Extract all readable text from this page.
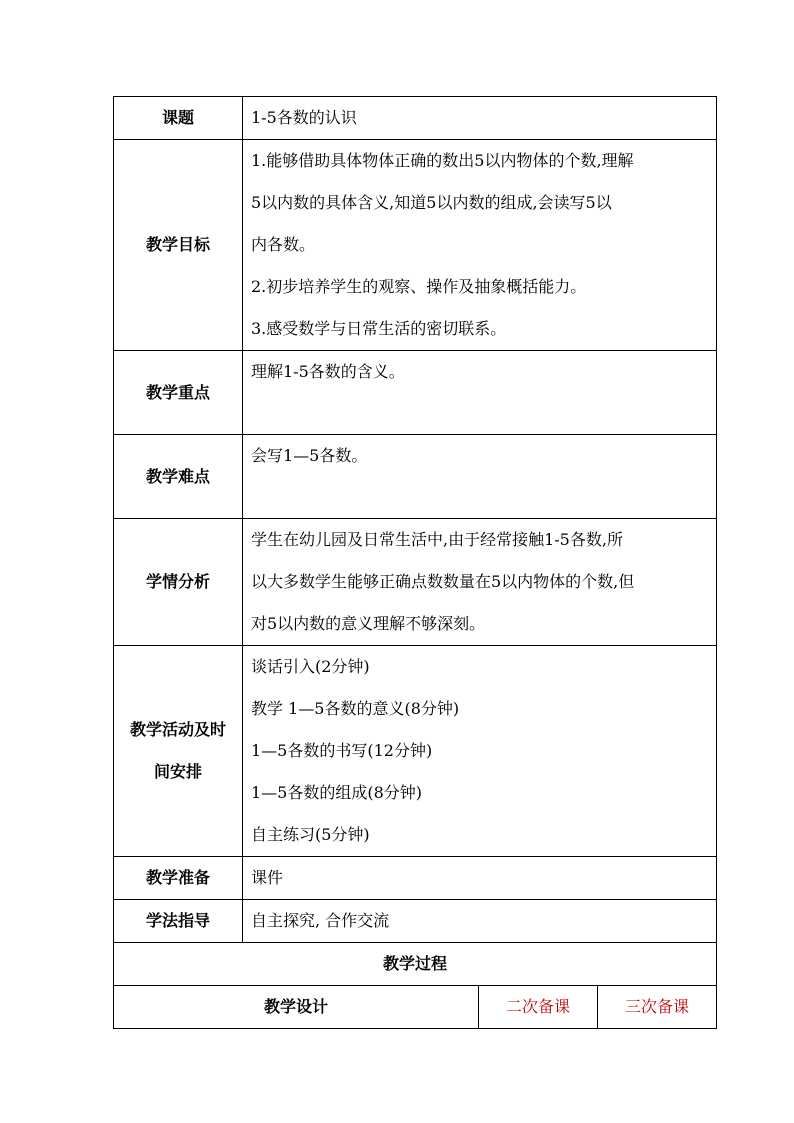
课题	1-5各数的认识		
教学目标	1.能够借助具体物体正确的数出5以内物体的个数,理解
5以内数的具体含义,知道5以内数的组成,会读写5以
内各数。
2.初步培养学生的观察、操作及抽象概括能力。
3.感受数学与日常生活的密切联系。		

教学重点	理解1-5各数的含义。		
教学难点	会写1—5各数。		
学情分析	学生在幼儿园及日常生活中,由于经常接触1-5各数,所
以大多数学生能够正确点数数量在5以内物体的个数,但
对5以内数的意义理解不够深刻。		

教学活动及时
间安排	谈话引入(2分钟)
教学 1—5各数的意义(8分钟)
1—5各数的书写(12分钟)
1—5各数的组成(8分钟)
自主练习(5分钟)		

教学准备	课件		
学法指导	自主探究, 合作交流		
教学过程			
教学设计		二次备课	三次备课
